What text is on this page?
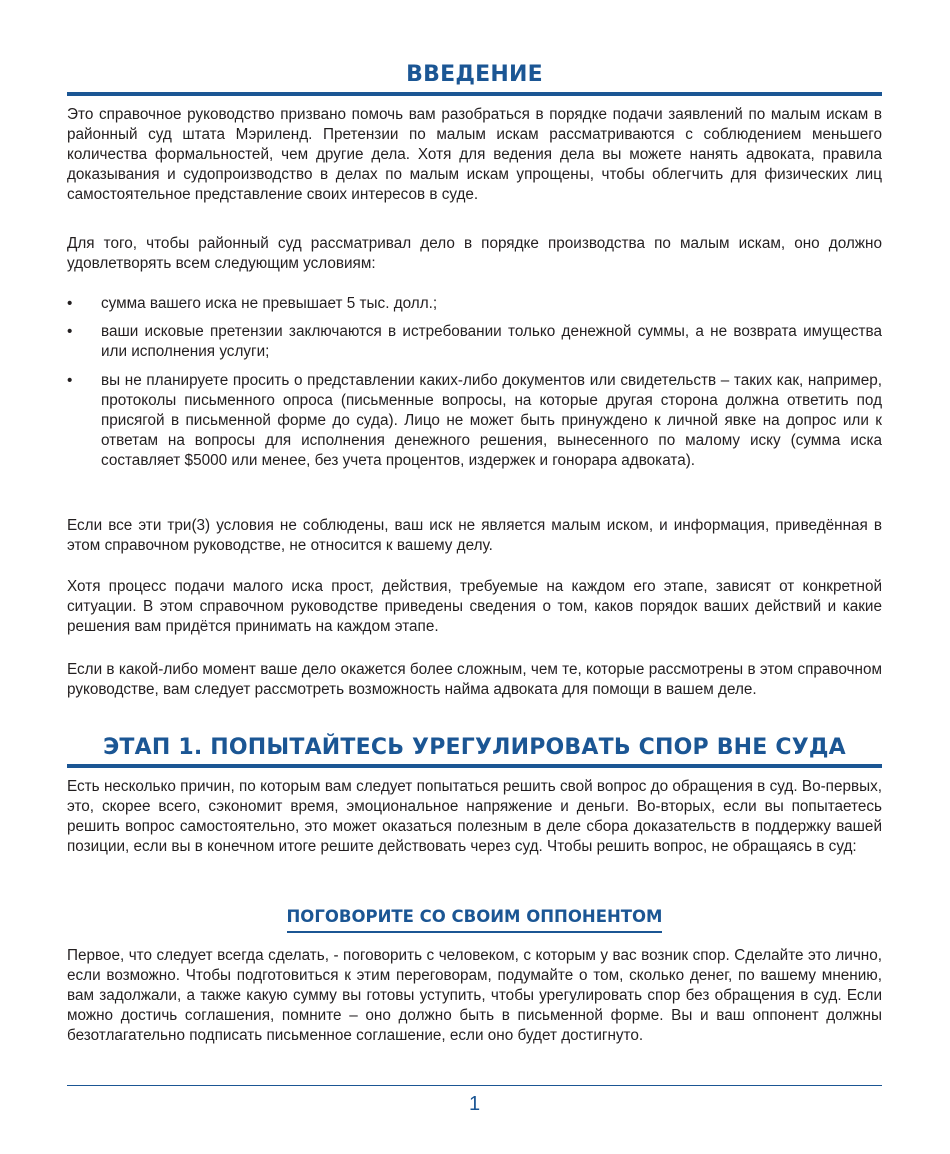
ВВЕДЕНИЕ

Это справочное руководство призвано помочь вам разобраться в порядке подачи заявлений по малым искам в районный суд штата Мэриленд. Претензии по малым искам рассматриваются с соблюдением меньшего количества формальностей, чем другие дела. Хотя для ведения дела вы можете нанять адвоката, правила доказывания и судопроизводство в делах по малым искам упрощены, чтобы облегчить для физических лиц самостоятельное представление своих интересов в суде.

Для того, чтобы районный суд рассматривал дело в порядке производства по малым искам, оно должно удовлетворять всем следующим условиям:

• сумма вашего иска не превышает 5 тыс. долл.;

• ваши исковые претензии заключаются в истребовании только денежной суммы, а не возврата имущества или исполнения услуги;

• вы не планируете просить о представлении каких-либо документов или свидетельств – таких как, например, протоколы письменного опроса (письменные вопросы, на которые другая сторона должна ответить под присягой в письменной форме до суда). Лицо не может быть принуждено к личной явке на допрос или к ответам на вопросы для исполнения денежного решения, вынесенного по малому иску (сумма иска составляет $5000 или менее, без учета процентов, издержек и гонорара адвоката).

Если все эти три(3) условия не соблюдены, ваш иск не является малым иском, и информация, приведённая в этом справочном руководстве, не относится к вашему делу.

Хотя процесс подачи малого иска прост, действия, требуемые на каждом его этапе, зависят от конкретной ситуации. В этом справочном руководстве приведены сведения о том, каков порядок ваших действий и какие решения вам придётся принимать на каждом этапе.

Если в какой-либо момент ваше дело окажется более сложным, чем те, которые рассмотрены в этом справочном руководстве, вам следует рассмотреть возможность найма адвоката для помощи в вашем деле.

ЭТАП 1. ПОПЫТАЙТЕСЬ УРЕГУЛИРОВАТЬ СПОР ВНЕ СУДА

Есть несколько причин, по которым вам следует попытаться решить свой вопрос до обращения в суд. Во-первых, это, скорее всего, сэкономит время, эмоциональное напряжение и деньги. Во-вторых, если вы попытаетесь решить вопрос самостоятельно, это может оказаться полезным в деле сбора доказательств в поддержку вашей позиции, если вы в конечном итоге решите действовать через суд. Чтобы решить вопрос, не обращаясь в суд:

ПОГОВОРИТЕ СО СВОИМ ОППОНЕНТОМ

Первое, что следует всегда сделать, - поговорить с человеком, с которым у вас возник спор. Сделайте это лично, если возможно. Чтобы подготовиться к этим переговорам, подумайте о том, сколько денег, по вашему мнению, вам задолжали, а также какую сумму вы готовы уступить, чтобы урегулировать спор без обращения в суд. Если можно достичь соглашения, помните – оно должно быть в письменной форме. Вы и ваш оппонент должны безотлагательно подписать письменное соглашение, если оно будет достигнуто.

1
